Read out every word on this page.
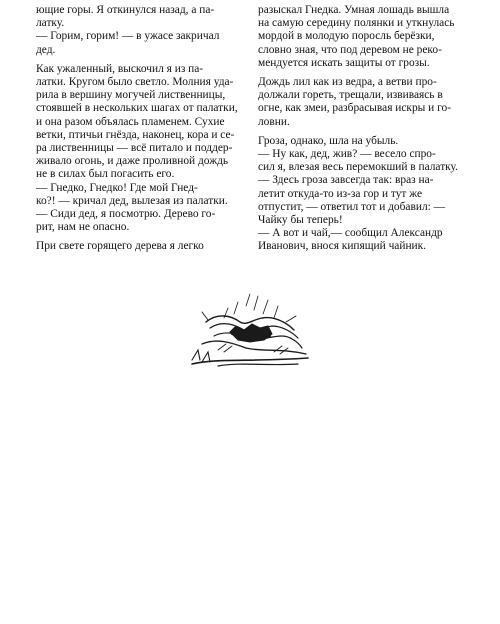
ющие горы. Я откинулся назад, а па-

латку.

— Горим, горим! — в ужасе закричал

дед.

Как ужаленный, выскочил я из па-

латки. Кругом было светло. Молния уда-

рила в вершину могучей лиственницы,

стоявшей в нескольких шагах от палатки,

и она разом объялась пламенем. Сухие

ветки, птичьи гнёзда, наконец, кора и се-

ра лиственницы — всё питало и поддер-

живало огонь, и даже проливной дождь

не в силах был погасить его.

— Гнедко, Гнедко! Где мой Гнед-

ко?! — кричал дед, вылезая из палатки.

— Сиди дед, я посмотрю. Дерево го-

рит, нам не опасно.

При свете горящего дерева я легко

разыскал Гнедка. Умная лошадь вышла

на самую середину полянки и уткнулась

мордой в молодую поросль берёзки,

словно зная, что под деревом не реко-

мендуется искать защиты от грозы.

Дождь лил как из ведра, а ветви про-

должали гореть, трещали, извиваясь в

огне, как змеи, разбрасывая искры и го-

ловни.

Гроза, однако, шла на убыль.

— Ну как, дед, жив? — весело спро-

сил я, влезая весь перемокший в палатку.

— Здесь гроза завсегда так: враз на-

летит откуда-то из-за гор и тут же

отпустит, — ответил тот и добавил: —

Чайку бы теперь!

— А вот и чай,— сообщил Александр

Иванович, внося кипящий чайник.
